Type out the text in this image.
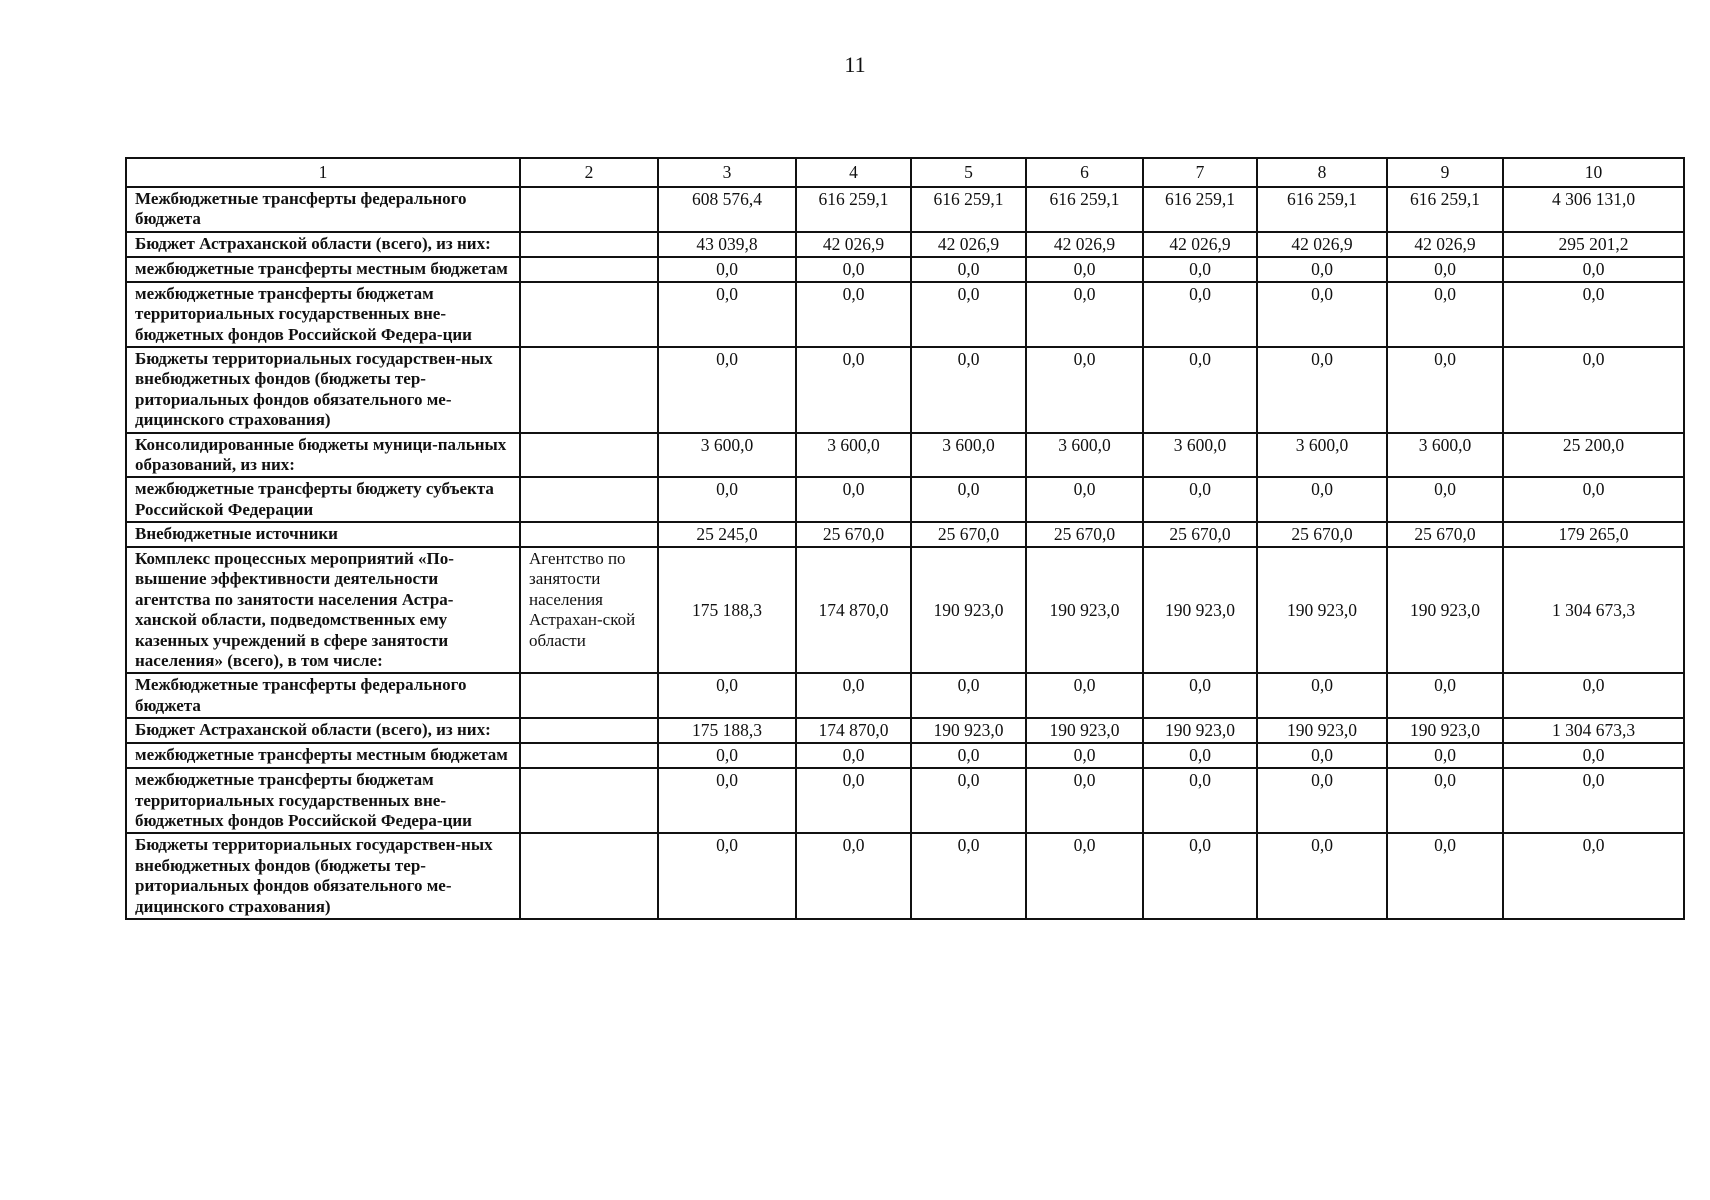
11
1	2	3	4	5	6	7	8	9	10
Межбюджетные трансферты федерального бюджета		608 576,4	616 259,1	616 259,1	616 259,1	616 259,1	616 259,1	616 259,1	4 306 131,0
Бюджет Астраханской области (всего), из них:		43 039,8	42 026,9	42 026,9	42 026,9	42 026,9	42 026,9	42 026,9	295 201,2
межбюджетные трансферты местным бюджетам		0,0	0,0	0,0	0,0	0,0	0,0	0,0	0,0
межбюджетные трансферты бюджетам территориальных государственных вне-бюджетных фондов Российской Федера-ции		0,0	0,0	0,0	0,0	0,0	0,0	0,0	0,0
Бюджеты территориальных государствен-ных внебюджетных фондов (бюджеты тер-риториальных фондов обязательного ме-дицинского страхования)		0,0	0,0	0,0	0,0	0,0	0,0	0,0	0,0
Консолидированные бюджеты муници-пальных образований, из них:		3 600,0	3 600,0	3 600,0	3 600,0	3 600,0	3 600,0	3 600,0	25 200,0
межбюджетные трансферты бюджету субъекта Российской Федерации		0,0	0,0	0,0	0,0	0,0	0,0	0,0	0,0
Внебюджетные источники		25 245,0	25 670,0	25 670,0	25 670,0	25 670,0	25 670,0	25 670,0	179 265,0
Комплекс процессных мероприятий «По-вышение эффективности деятельности агентства по занятости населения Астра-ханской области, подведомственных ему казенных учреждений в сфере занятости населения» (всего), в том числе:	Агентство по занятости населения Астрахан-ской области	175 188,3	174 870,0	190 923,0	190 923,0	190 923,0	190 923,0	190 923,0	1 304 673,3
Межбюджетные трансферты федерального бюджета		0,0	0,0	0,0	0,0	0,0	0,0	0,0	0,0
Бюджет Астраханской области (всего), из них:		175 188,3	174 870,0	190 923,0	190 923,0	190 923,0	190 923,0	190 923,0	1 304 673,3
межбюджетные трансферты местным бюджетам		0,0	0,0	0,0	0,0	0,0	0,0	0,0	0,0
межбюджетные трансферты бюджетам территориальных государственных вне-бюджетных фондов Российской Федера-ции		0,0	0,0	0,0	0,0	0,0	0,0	0,0	0,0
Бюджеты территориальных государствен-ных внебюджетных фондов (бюджеты тер-риториальных фондов обязательного ме-дицинского страхования)		0,0	0,0	0,0	0,0	0,0	0,0	0,0	0,0
